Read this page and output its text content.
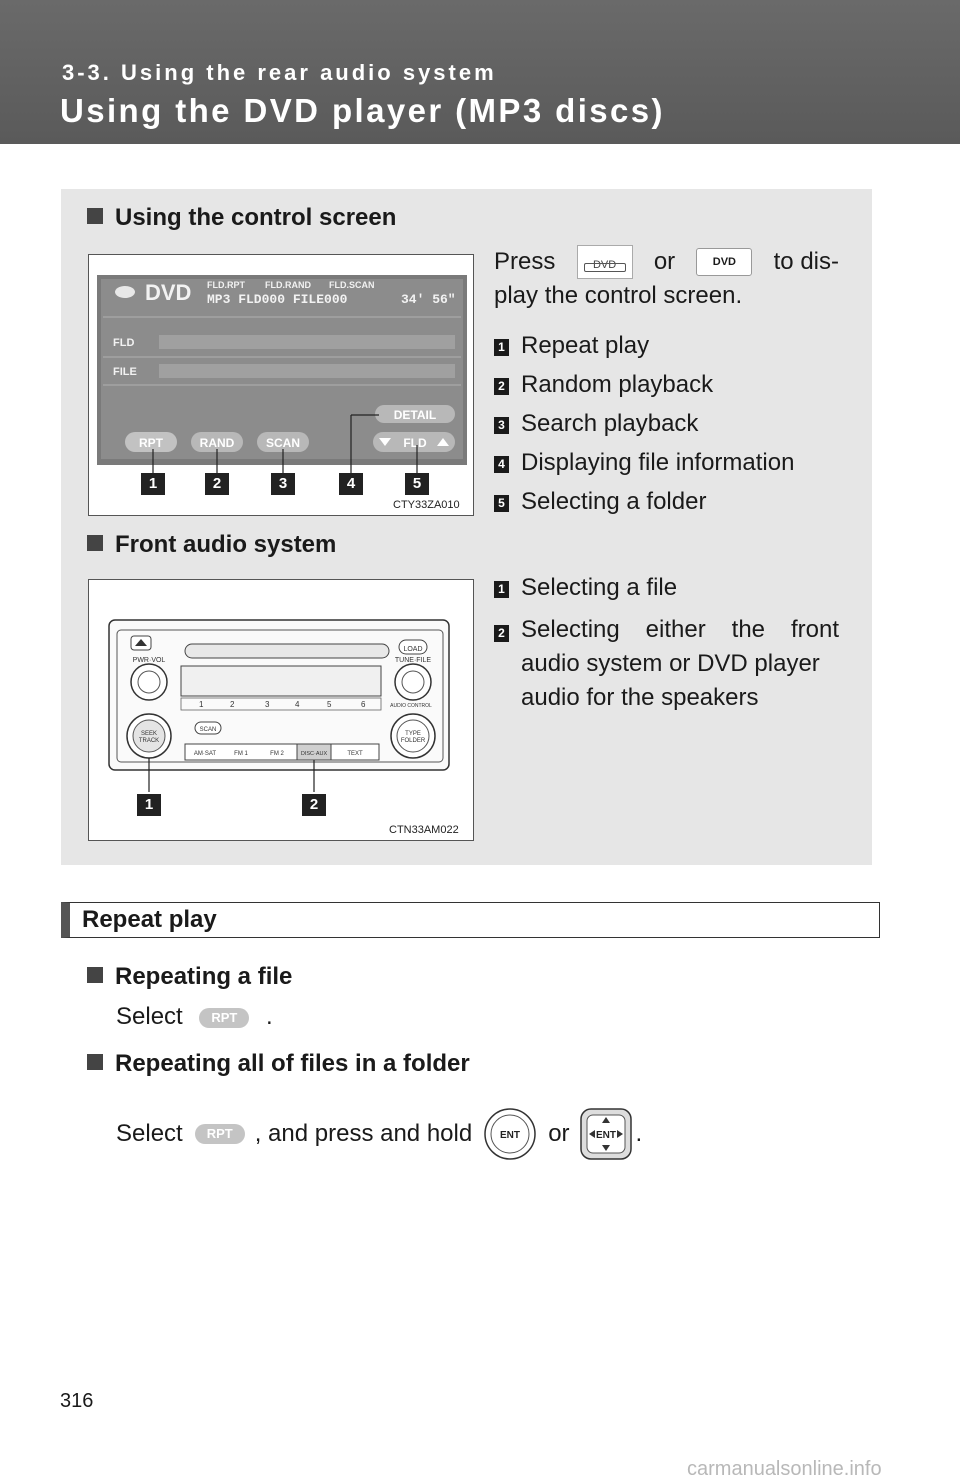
3-3. Using the rear audio system
Using the DVD player (MP3 discs)
Using the control screen
DVD FLD.RPT FLD.RAND FLD.SCAN
MP3 FLD000 FILE000	34' 56"
FLD
FILE
DETAIL
RPT	RAND	SCAN	FLD
1	2	3	4	5
CTY33ZA010
Press	DVD	or	DVD	to dis-
play the control screen.
1 Repeat play
2 Random playback
3 Search playback
4 Displaying file information
5 Selecting a folder
Front audio system
LOAD
PWR·VOL	TUNE·FILE
1	2	3	4	5	6	AUDIO CONTROL
SCAN
SEEK
TRACK
TYPE
FOLDER
AM·SAT	FM 1	FM 2	DISC·AUX	TEXT
1	2
CTN33AM022
1 Selecting a file
2 Selecting either the front
audio system or DVD player
audio for the speakers
Repeat play
Repeating a file
Select RPT .
Repeating all of files in a folder
Select	RPT , and press and hold	ENT or	ENT .
316
carmanualsonline.info
